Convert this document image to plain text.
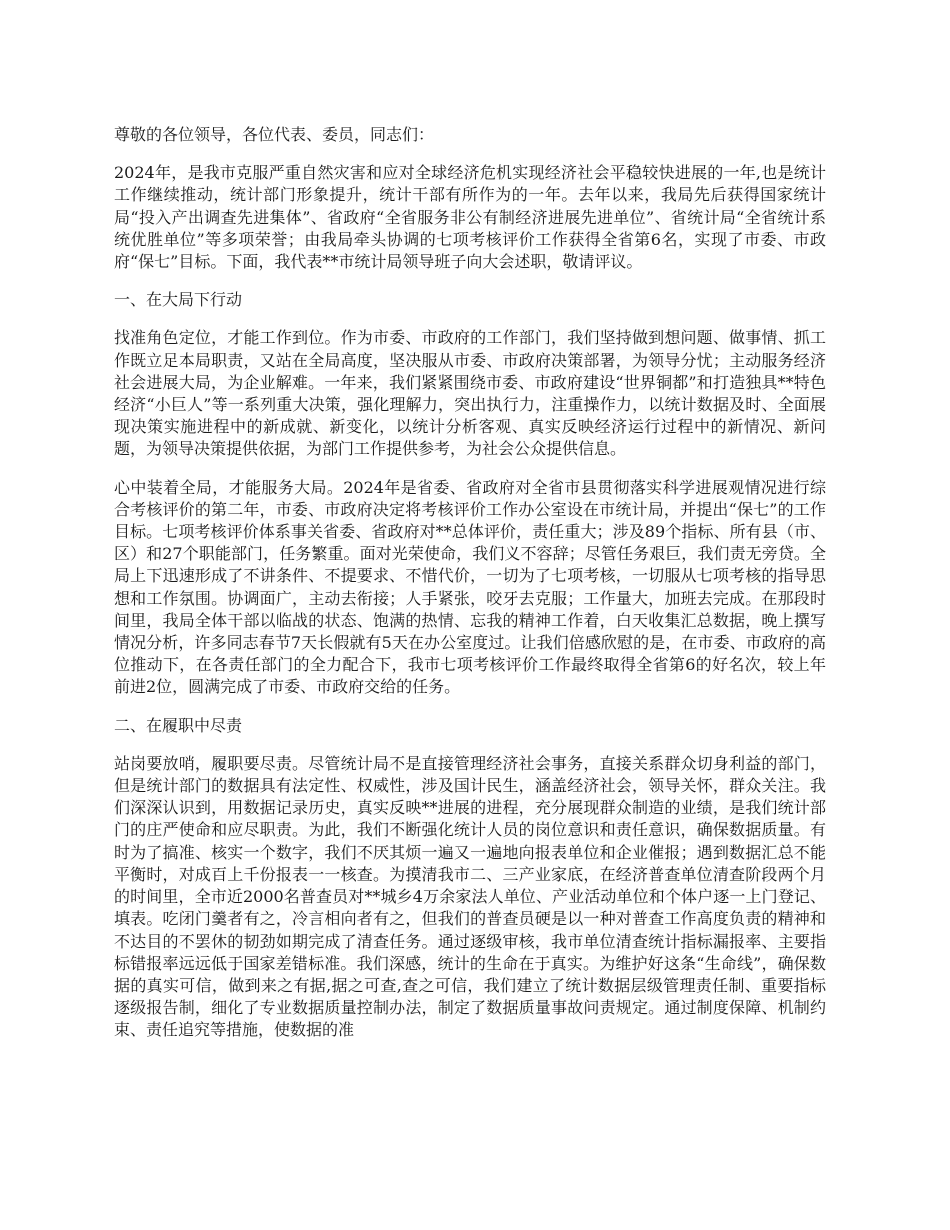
尊敬的各位领导，各位代表、委员，同志们：

2024年，是我市克服严重自然灾害和应对全球经济危机实现经济社会平稳较快进展的一年,也是统计工作继续推动，统计部门形象提升，统计干部有所作为的一年。去年以来，我局先后获得国家统计局“投入产出调查先进集体”、省政府“全省服务非公有制经济进展先进单位”、省统计局“全省统计系统优胜单位”等多项荣誉；由我局牵头协调的七项考核评价工作获得全省第6名，实现了市委、市政府“保七”目标。下面，我代表**市统计局领导班子向大会述职，敬请评议。

一、在大局下行动

找准角色定位，才能工作到位。作为市委、市政府的工作部门，我们坚持做到想问题、做事情、抓工作既立足本局职责，又站在全局高度，坚决服从市委、市政府决策部署，为领导分忧；主动服务经济社会进展大局，为企业解难。一年来，我们紧紧围绕市委、市政府建设“世界铜都”和打造独具**特色经济“小巨人”等一系列重大决策，强化理解力，突出执行力，注重操作力，以统计数据及时、全面展现决策实施进程中的新成就、新变化，以统计分析客观、真实反映经济运行过程中的新情况、新问题，为领导决策提供依据，为部门工作提供参考，为社会公众提供信息。

心中装着全局，才能服务大局。2024年是省委、省政府对全省市县贯彻落实科学进展观情况进行综合考核评价的第二年，市委、市政府决定将考核评价工作办公室设在市统计局，并提出“保七”的工作目标。七项考核评价体系事关省委、省政府对**总体评价，责任重大；涉及89个指标、所有县（市、区）和27个职能部门，任务繁重。面对光荣使命，我们义不容辞；尽管任务艰巨，我们责无旁贷。全局上下迅速形成了不讲条件、不提要求、不惜代价，一切为了七项考核，一切服从七项考核的指导思想和工作氛围。协调面广，主动去衔接；人手紧张，咬牙去克服；工作量大，加班去完成。在那段时间里，我局全体干部以临战的状态、饱满的热情、忘我的精神工作着，白天收集汇总数据，晚上撰写情况分析，许多同志春节7天长假就有5天在办公室度过。让我们倍感欣慰的是，在市委、市政府的高位推动下，在各责任部门的全力配合下，我市七项考核评价工作最终取得全省第6的好名次，较上年前进2位，圆满完成了市委、市政府交给的任务。

二、在履职中尽责

站岗要放哨，履职要尽责。尽管统计局不是直接管理经济社会事务，直接关系群众切身利益的部门，但是统计部门的数据具有法定性、权威性，涉及国计民生，涵盖经济社会，领导关怀，群众关注。我们深深认识到，用数据记录历史，真实反映**进展的进程，充分展现群众制造的业绩，是我们统计部门的庄严使命和应尽职责。为此，我们不断强化统计人员的岗位意识和责任意识，确保数据质量。有时为了搞准、核实一个数字，我们不厌其烦一遍又一遍地向报表单位和企业催报；遇到数据汇总不能平衡时，对成百上千份报表一一核查。为摸清我市二、三产业家底，在经济普查单位清查阶段两个月的时间里，全市近2000名普查员对**城乡4万余家法人单位、产业活动单位和个体户逐一上门登记、填表。吃闭门羹者有之，冷言相向者有之，但我们的普查员硬是以一种对普查工作高度负责的精神和不达目的不罢休的韧劲如期完成了清查任务。通过逐级审核，我市单位清查统计指标漏报率、主要指标错报率远远低于国家差错标准。我们深感，统计的生命在于真实。为维护好这条“生命线”，确保数据的真实可信，做到来之有据,据之可查,查之可信，我们建立了统计数据层级管理责任制、重要指标逐级报告制，细化了专业数据质量控制办法，制定了数据质量事故问责规定。通过制度保障、机制约束、责任追究等措施，使数据的准
